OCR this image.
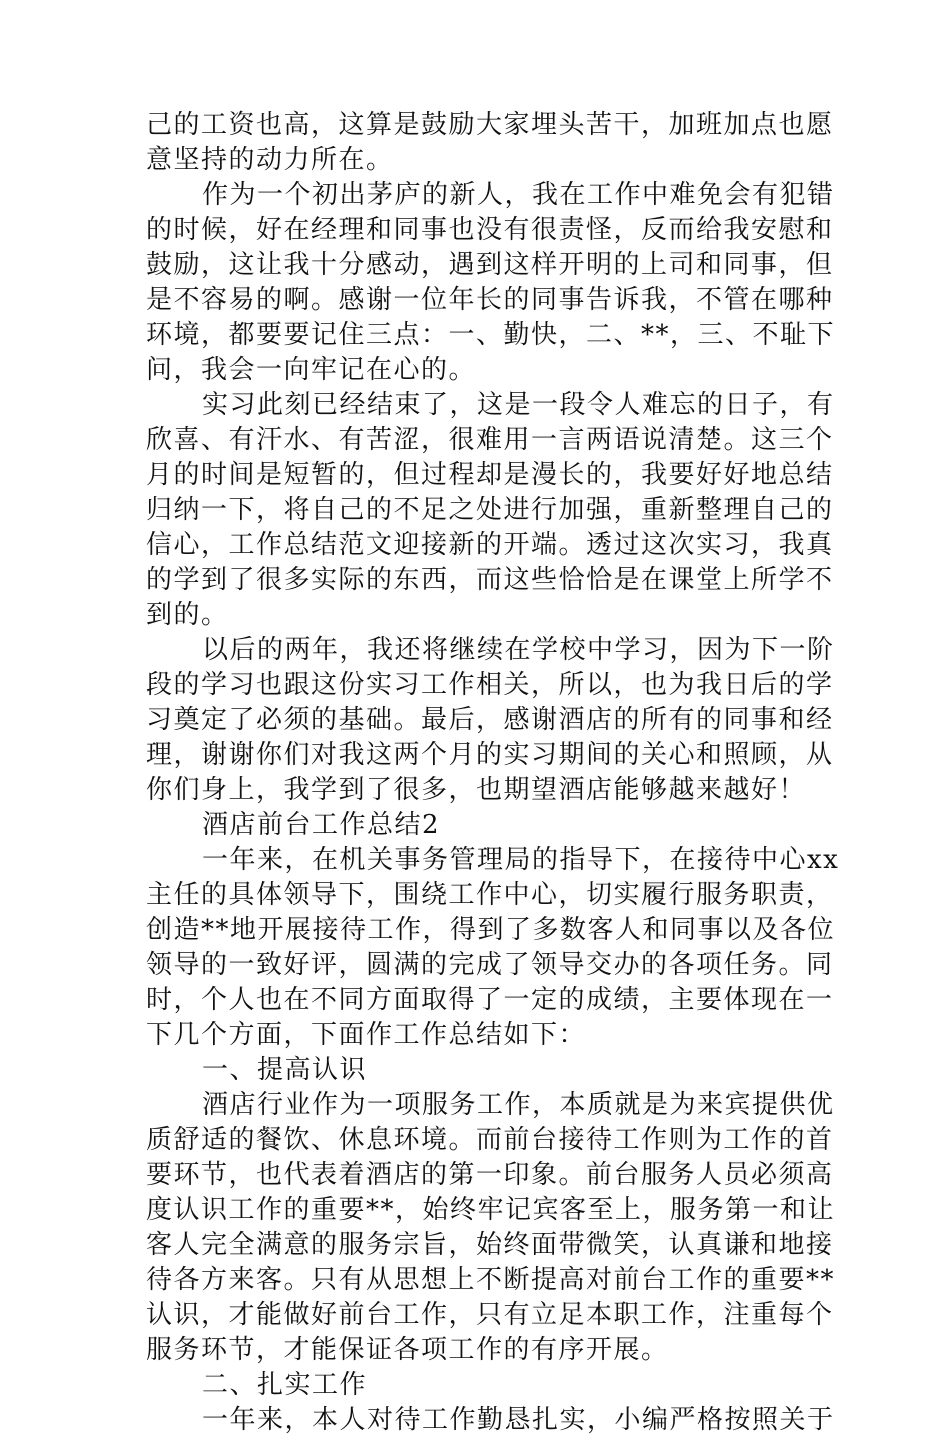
己的工资也高，这算是鼓励大家埋头苦干，加班加点也愿
意坚持的动力所在。
作为一个初出茅庐的新人，我在工作中难免会有犯错
的时候，好在经理和同事也没有很责怪，反而给我安慰和
鼓励，这让我十分感动，遇到这样开明的上司和同事，但
是不容易的啊。感谢一位年长的同事告诉我，不管在哪种
环境，都要要记住三点：一、勤快，二、**，三、不耻下
问，我会一向牢记在心的。
实习此刻已经结束了，这是一段令人难忘的日子，有
欣喜、有汗水、有苦涩，很难用一言两语说清楚。这三个
月的时间是短暂的，但过程却是漫长的，我要好好地总结
归纳一下，将自己的不足之处进行加强，重新整理自己的
信心，工作总结范文迎接新的开端。透过这次实习，我真
的学到了很多实际的东西，而这些恰恰是在课堂上所学不
到的。
以后的两年，我还将继续在学校中学习，因为下一阶
段的学习也跟这份实习工作相关，所以，也为我日后的学
习奠定了必须的基础。最后，感谢酒店的所有的同事和经
理，谢谢你们对我这两个月的实习期间的关心和照顾，从
你们身上，我学到了很多，也期望酒店能够越来越好！
酒店前台工作总结2
一年来，在机关事务管理局的指导下，在接待中心xx
主任的具体领导下，围绕工作中心，切实履行服务职责，
创造**地开展接待工作，得到了多数客人和同事以及各位
领导的一致好评，圆满的完成了领导交办的各项任务。同
时，个人也在不同方面取得了一定的成绩，主要体现在一
下几个方面，下面作工作总结如下：
一、提高认识
酒店行业作为一项服务工作，本质就是为来宾提供优
质舒适的餐饮、休息环境。而前台接待工作则为工作的首
要环节，也代表着酒店的第一印象。前台服务人员必须高
度认识工作的重要**，始终牢记宾客至上，服务第一和让
客人完全满意的服务宗旨，始终面带微笑，认真谦和地接
待各方来客。只有从思想上不断提高对前台工作的重要**
认识，才能做好前台工作，只有立足本职工作，注重每个
服务环节，才能保证各项工作的有序开展。
二、扎实工作
一年来，本人对待工作勤恳扎实，小编严格按照关于
